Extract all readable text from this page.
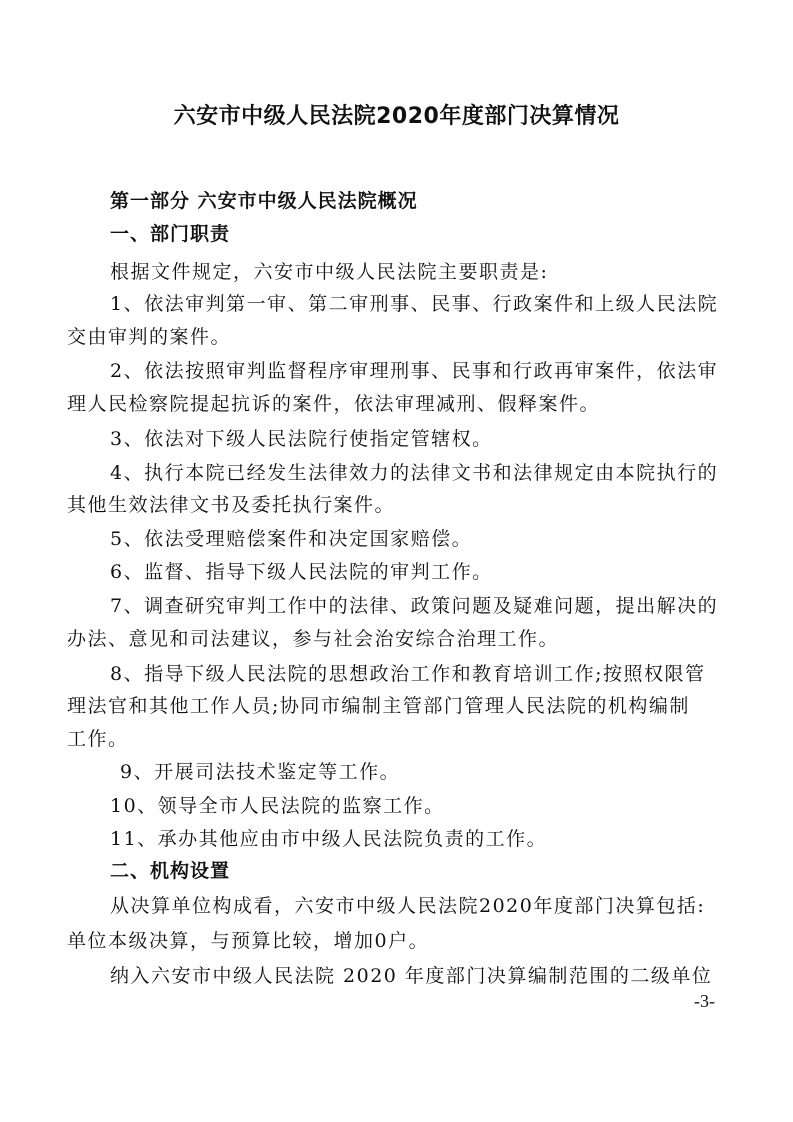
六安市中级人民法院2020年度部门决算情况
第一部分 六安市中级人民法院概况
一、部门职责
根据文件规定，六安市中级人民法院主要职责是:
1、依法审判第一审、第二审刑事、民事、行政案件和上级人民法院
交由审判的案件。
2、依法按照审判监督程序审理刑事、民事和行政再审案件，依法审
理人民检察院提起抗诉的案件，依法审理减刑、假释案件。
3、依法对下级人民法院行使指定管辖权。
4、执行本院已经发生法律效力的法律文书和法律规定由本院执行的
其他生效法律文书及委托执行案件。
5、依法受理赔偿案件和决定国家赔偿。
6、监督、指导下级人民法院的审判工作。
7、调查研究审判工作中的法律、政策问题及疑难问题，提出解决的
办法、意见和司法建议，参与社会治安综合治理工作。
8、指导下级人民法院的思想政治工作和教育培训工作;按照权限管
理法官和其他工作人员;协同市编制主管部门管理人民法院的机构编制
工作。
9、开展司法技术鉴定等工作。
10、领导全市人民法院的监察工作。
11、承办其他应由市中级人民法院负责的工作。
二、机构设置
从决算单位构成看，六安市中级人民法院2020年度部门决算包括:
单位本级决算，与预算比较，增加0户。
纳入六安市中级人民法院 2020 年度部门决算编制范围的二级单位
-3-
